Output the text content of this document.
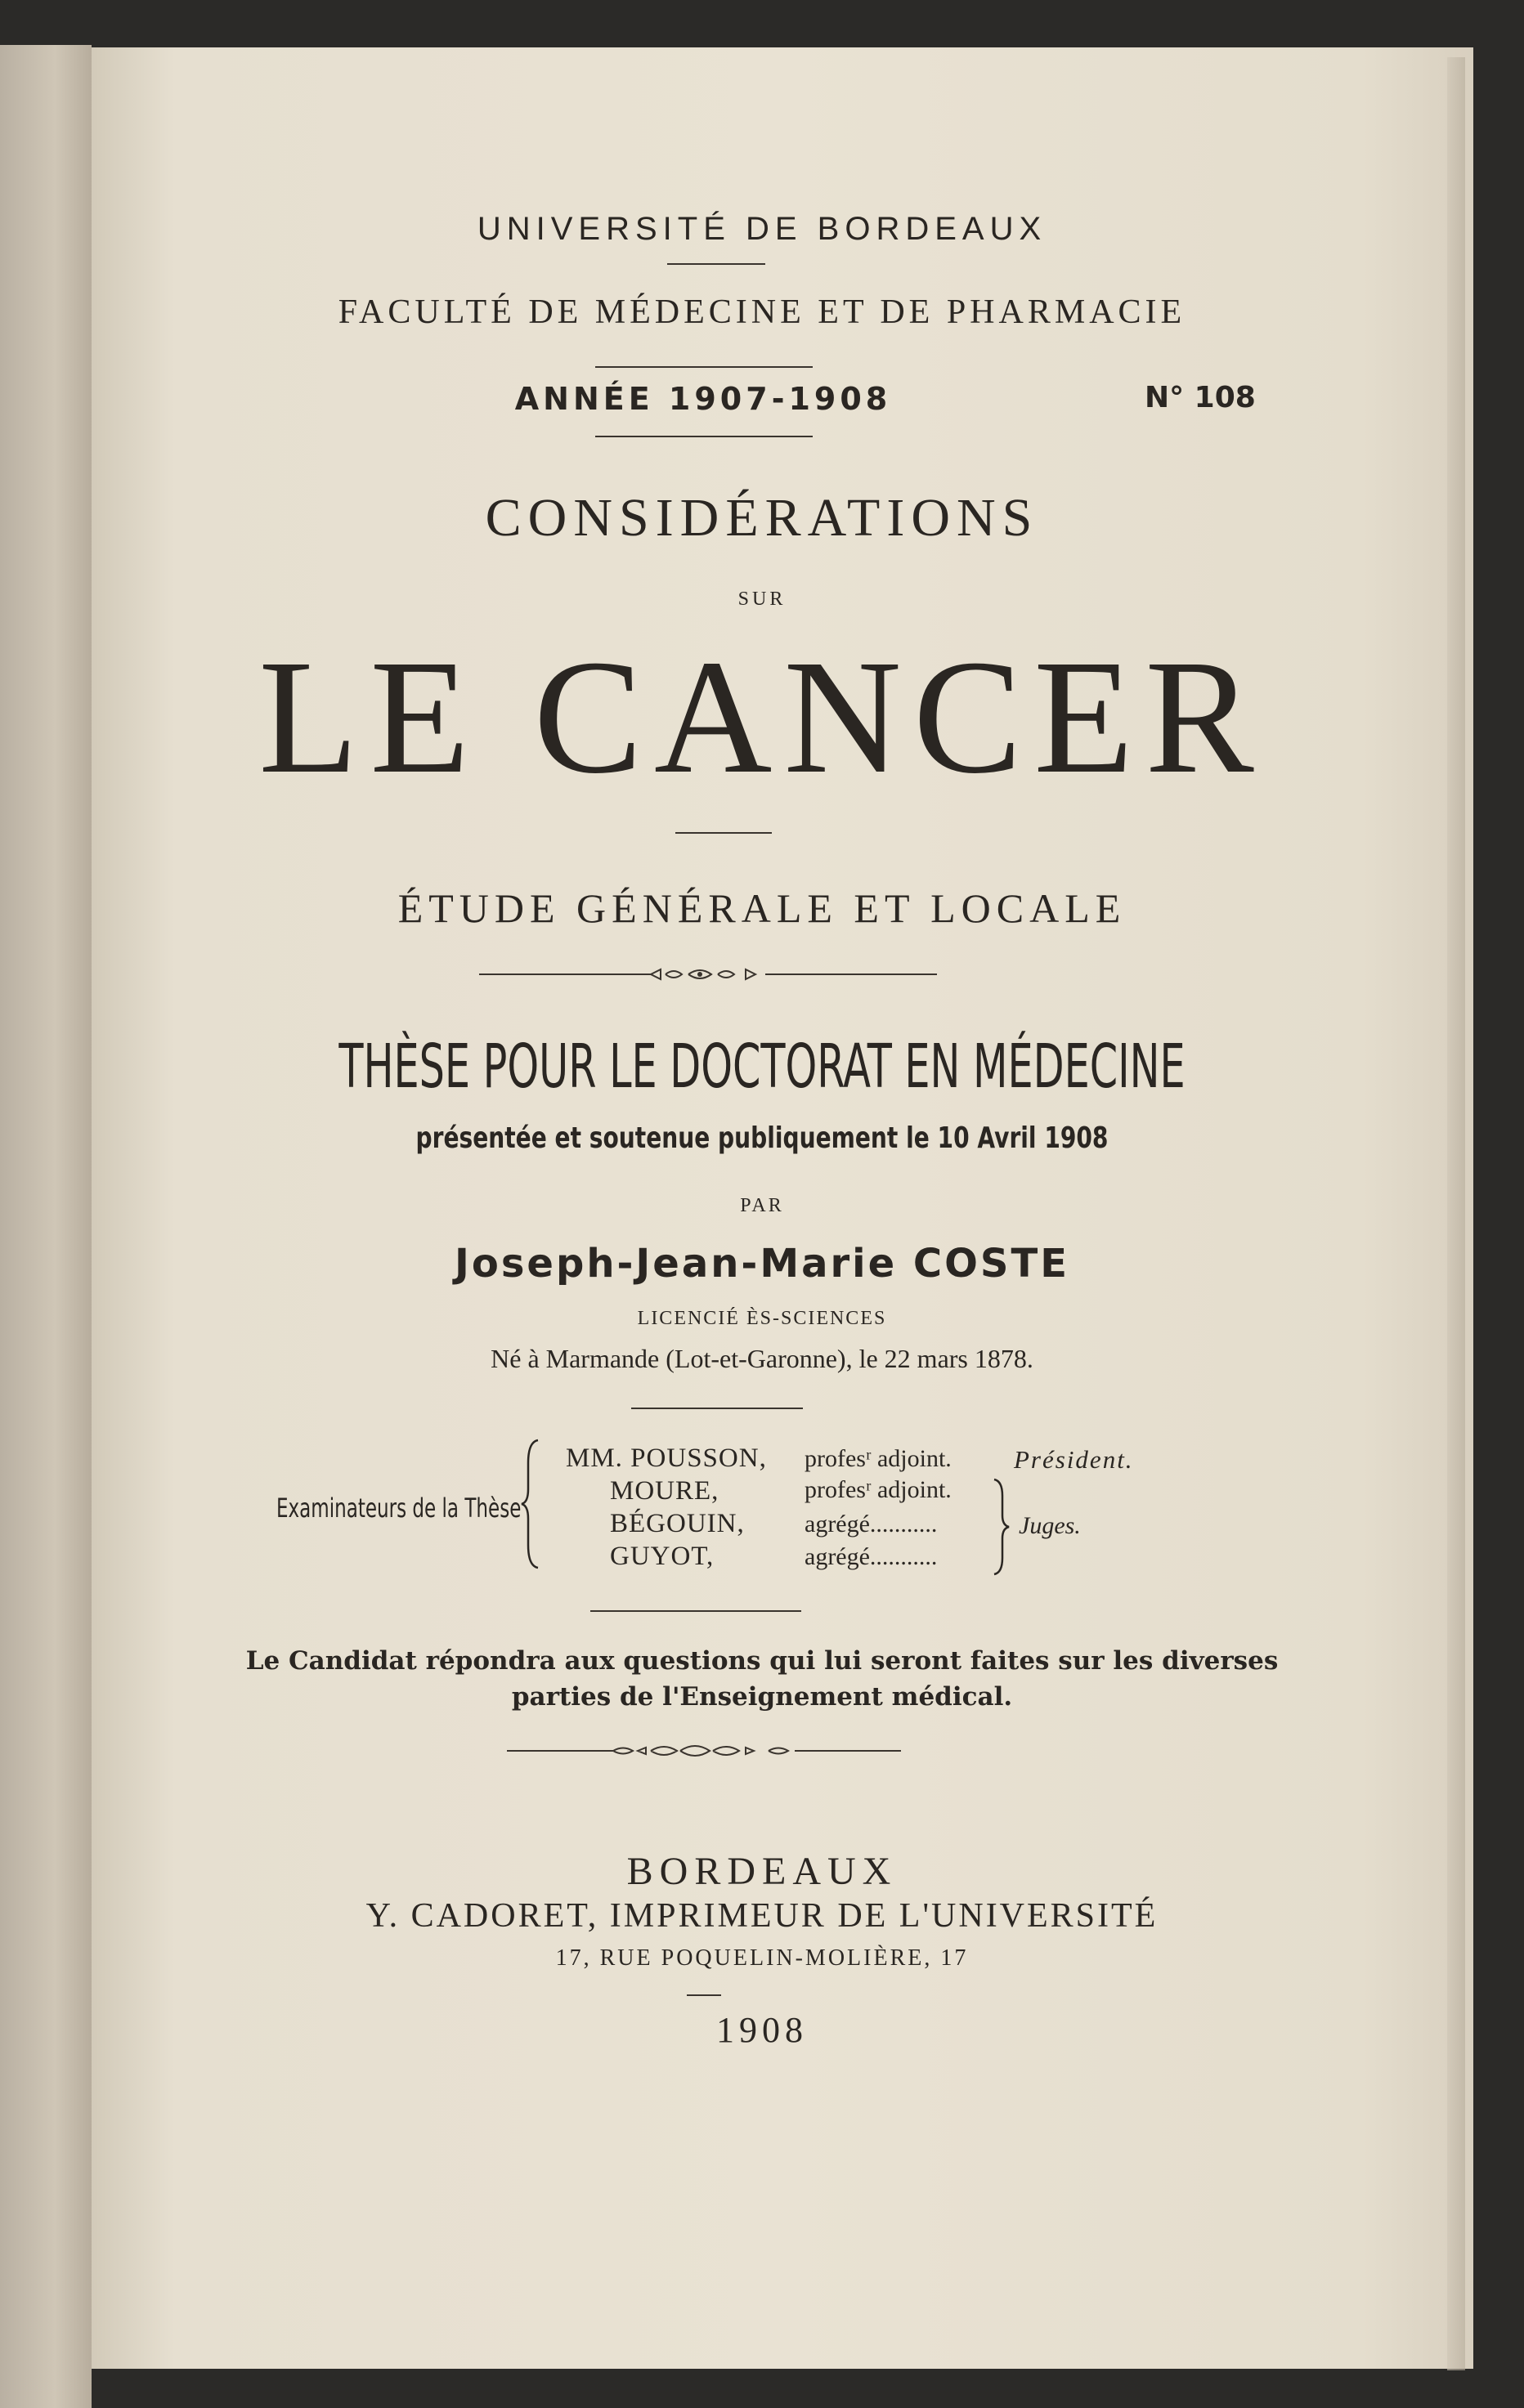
UNIVERSITÉ DE BORDEAUX
FACULTÉ DE MÉDECINE ET DE PHARMACIE
ANNÉE 1907-1908	N° 108
CONSIDÉRATIONS
SUR
LE CANCER
ÉTUDE GÉNÉRALE ET LOCALE
THÈSE POUR LE DOCTORAT EN MÉDECINE
présentée et soutenue publiquement le 10 Avril 1908
PAR
Joseph-Jean-Marie COSTE
LICENCIÉ ÈS-SCIENCES
Né à Marmande (Lot-et-Garonne), le 22 mars 1878.
Examinateurs de la Thèse
MM. POUSSON, profesʳ adjoint. Président.
MOURE,	profesʳ adjoint.
BÉGOUIN, agrégé...........
GUYOT,	agrégé...........
Juges.
Le Candidat répondra aux questions qui lui seront faites sur les diverses
parties de l'Enseignement médical.
BORDEAUX
Y. CADORET, IMPRIMEUR DE L'UNIVERSITÉ
17, RUE POQUELIN-MOLIÈRE, 17
1908
